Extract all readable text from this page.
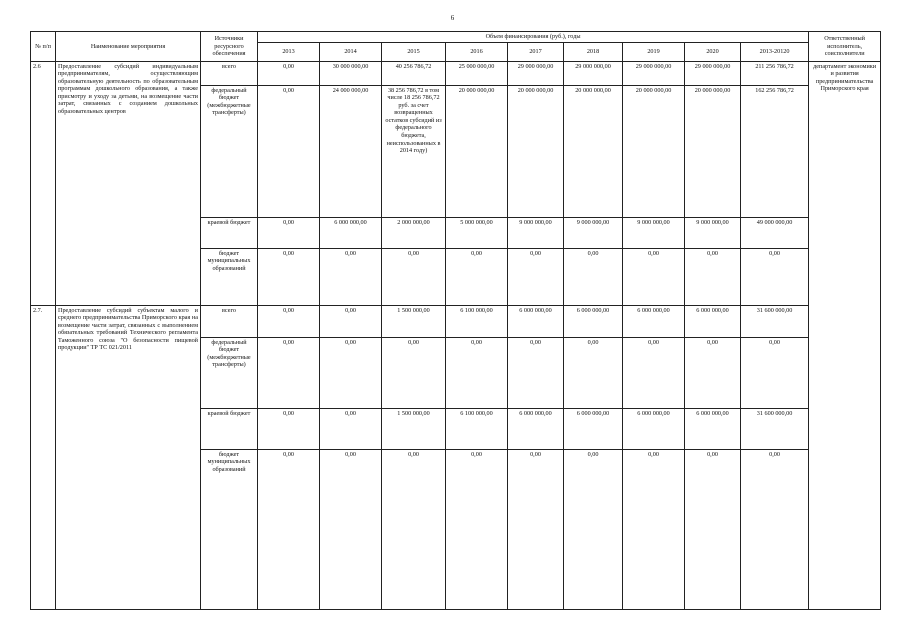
6
№ п/п	Наименование мероприятия	Источники ресурсного обеспечения	Объем финансирования (руб.), годы									Ответственный исполнитель, соисполнители
			2013	2014	2015	2016	2017	2018	2019	2020	2013-20120	
2.6	Предоставление субсидий индивидуальным предпринимателям, осуществляющим образовательную деятельность по образовательным программам дошкольного образования, а также присмотру и уходу за детьми, на возмещение части затрат, связанных с созданием дошкольных образовательных центров	всего	0,00	30 000 000,00	40 256 786,72	25 000 000,00	29 000 000,00	29 000 000,00	29 000 000,00	29 000 000,00	211 256 786,72	департамент экономики и развития предпринимательства Приморского края
		федеральный бюджет (межбюджетные трансферты)	0,00	24 000 000,00	38 256 786,72 в том числе 18 256 786,72 руб. за счет возвращенных остатков субсидий из федерального бюджета, неиспользованных в 2014 году)	20 000 000,00	20 000 000,00	20 000 000,00	20 000 000,00	20 000 000,00	162 256 786,72	
		краевой бюджет	0,00	6 000 000,00	2 000 000,00	5 000 000,00	9 000 000,00	9 000 000,00	9 000 000,00	9 000 000,00	49 000 000,00	
		бюджет муниципальных образований	0,00	0,00	0,00	0,00	0,00	0,00	0,00	0,00	0,00	
2.7.	Предоставление субсидий субъектам малого и среднего предпринимательства Приморского края на возмещение части затрат, связанных с выполнением обязательных требований Технического регламента Таможенного союза "О безопасности пищевой продукции" ТР ТС 021/2011	всего	0,00	0,00	1 500 000,00	6 100 000,00	6 000 000,00	6 000 000,00	6 000 000,00	6 000 000,00	31 600 000,00	
		федеральный бюджет (межбюджетные трансферты)	0,00	0,00	0,00	0,00	0,00	0,00	0,00	0,00	0,00	
		краевой бюджет	0,00	0,00	1 500 000,00	6 100 000,00	6 000 000,00	6 000 000,00	6 000 000,00	6 000 000,00	31 600 000,00	
		бюджет муниципальных образований	0,00	0,00	0,00	0,00	0,00	0,00	0,00	0,00	0,00	
